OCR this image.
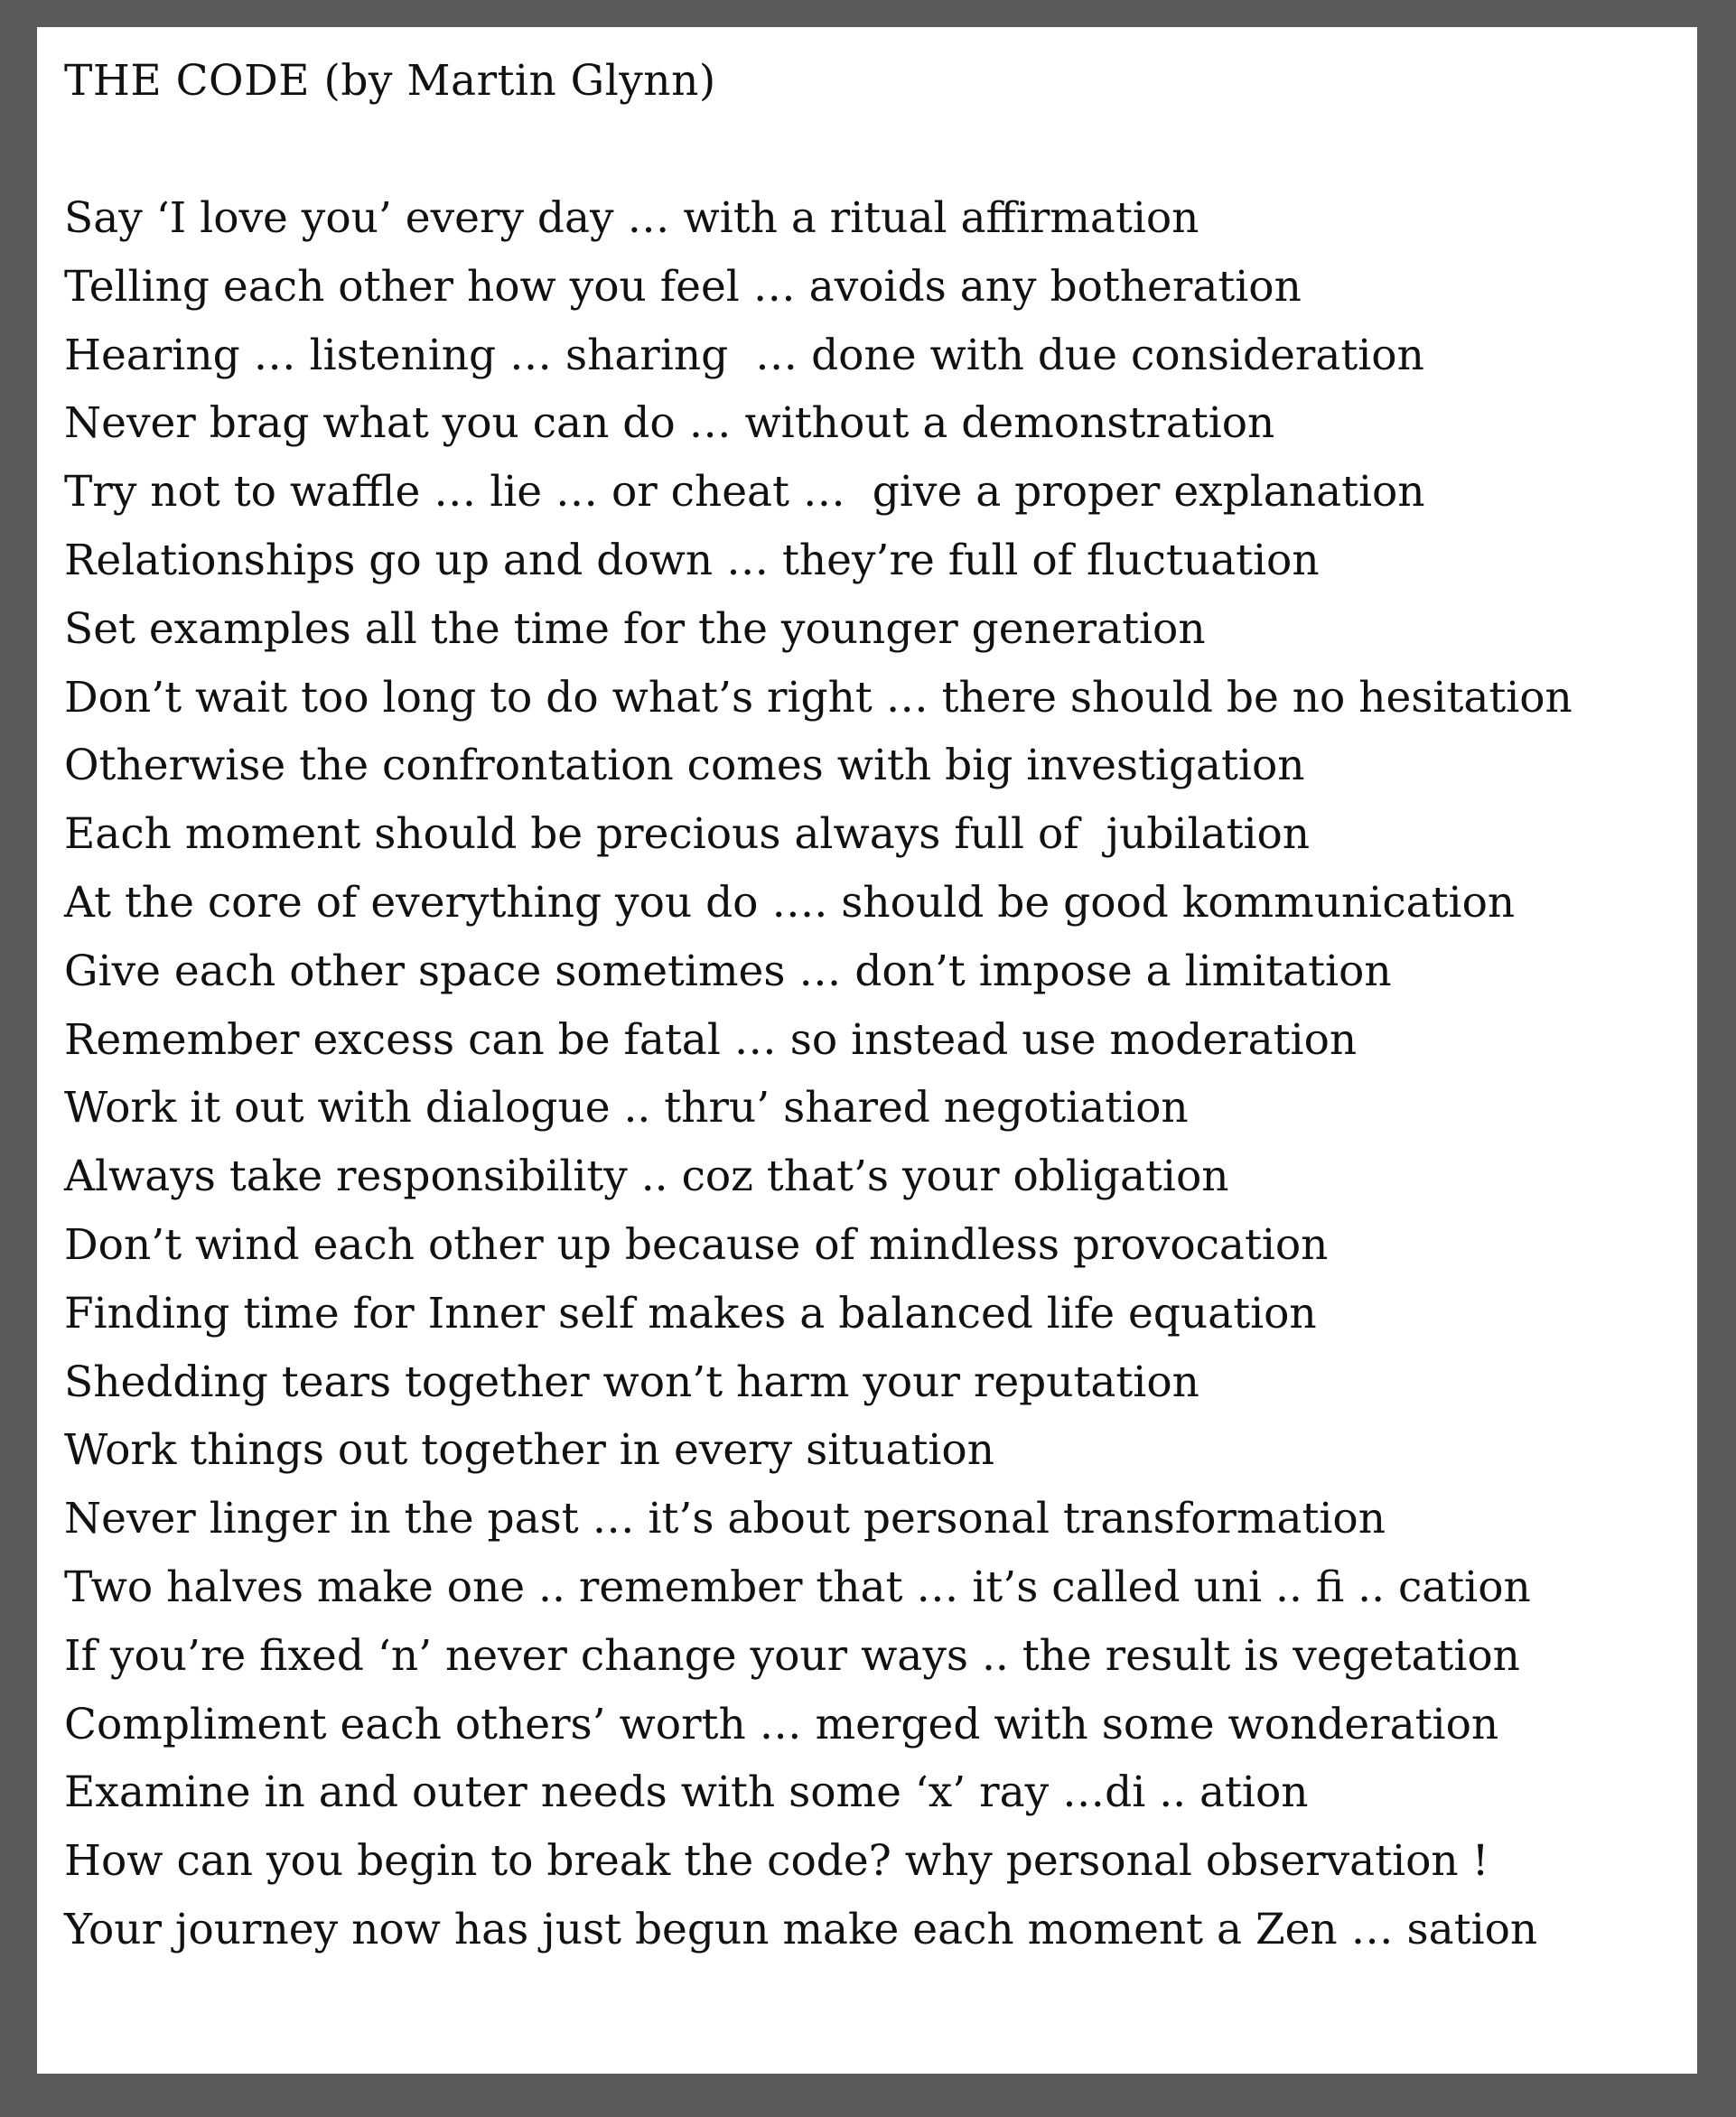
THE CODE (by Martin Glynn)
Say ‘I love you’ every day … with a ritual affirmation
Telling each other how you feel … avoids any botheration
Hearing … listening … sharing  … done with due consideration
Never brag what you can do … without a demonstration
Try not to waffle … lie … or cheat …  give a proper explanation
Relationships go up and down … they’re full of fluctuation
Set examples all the time for the younger generation
Don’t wait too long to do what’s right … there should be no hesitation
Otherwise the confrontation comes with big investigation
Each moment should be precious always full of  jubilation
At the core of everything you do …. should be good kommunication
Give each other space sometimes … don’t impose a limitation
Remember excess can be fatal … so instead use moderation
Work it out with dialogue .. thru’ shared negotiation
Always take responsibility .. coz that’s your obligation
Don’t wind each other up because of mindless provocation
Finding time for Inner self makes a balanced life equation
Shedding tears together won’t harm your reputation
Work things out together in every situation
Never linger in the past … it’s about personal transformation
Two halves make one .. remember that … it’s called uni .. fi .. cation
If you’re fixed ‘n’ never change your ways .. the result is vegetation
Compliment each others’ worth … merged with some wonderation
Examine in and outer needs with some ‘x’ ray …di .. ation
How can you begin to break the code? why personal observation !
Your journey now has just begun make each moment a Zen … sation
